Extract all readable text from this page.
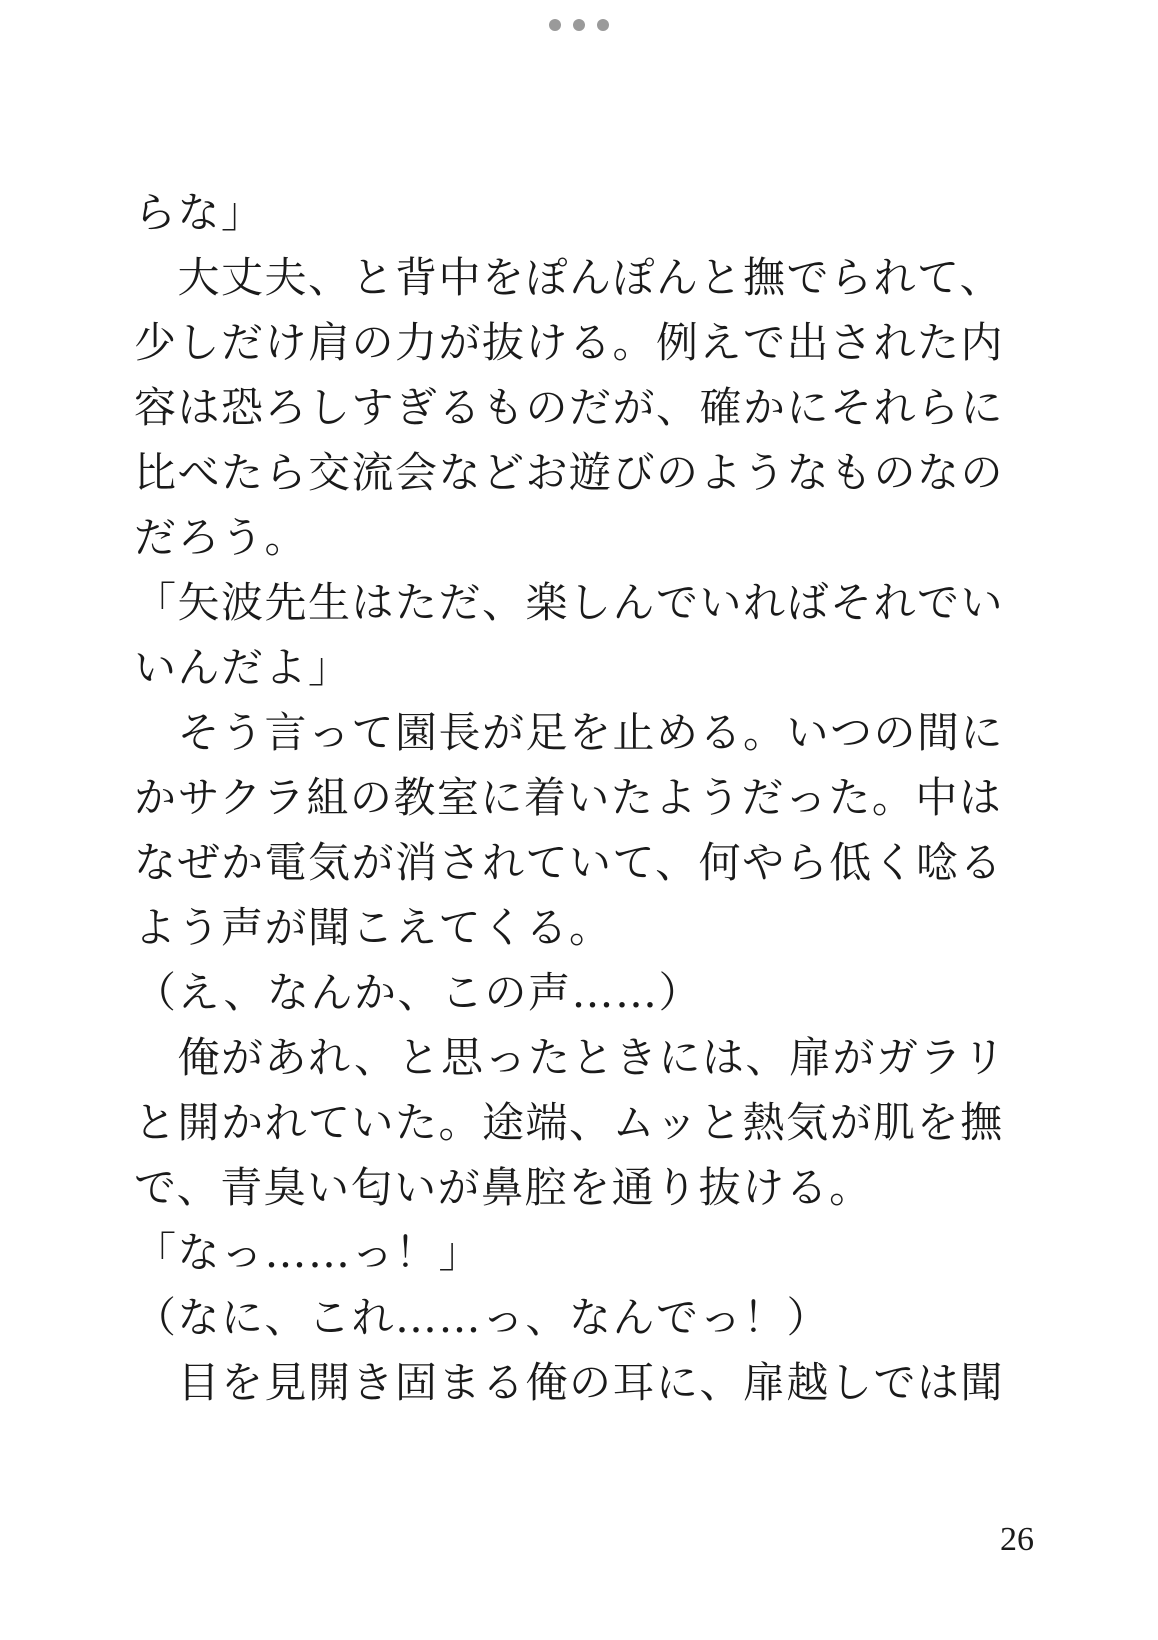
らな」
　大丈夫、と背中をぽんぽんと撫でられて、
少しだけ肩の力が抜ける。例えで出された内
容は恐ろしすぎるものだが、確かにそれらに
比べたら交流会などお遊びのようなものなの
だろう。
「矢波先生はただ、楽しんでいればそれでい
いんだよ」
　そう言って園長が足を止める。いつの間に
かサクラ組の教室に着いたようだった。中は
なぜか電気が消されていて、何やら低く唸る
よう声が聞こえてくる。
（え、なんか、この声……）
　俺があれ、と思ったときには、扉がガラリ
と開かれていた。途端、ムッと熱気が肌を撫
で、青臭い匂いが鼻腔を通り抜ける。
「なっ……っ！」
（なに、これ……っ、なんでっ！）
　目を見開き固まる俺の耳に、扉越しでは聞
26
